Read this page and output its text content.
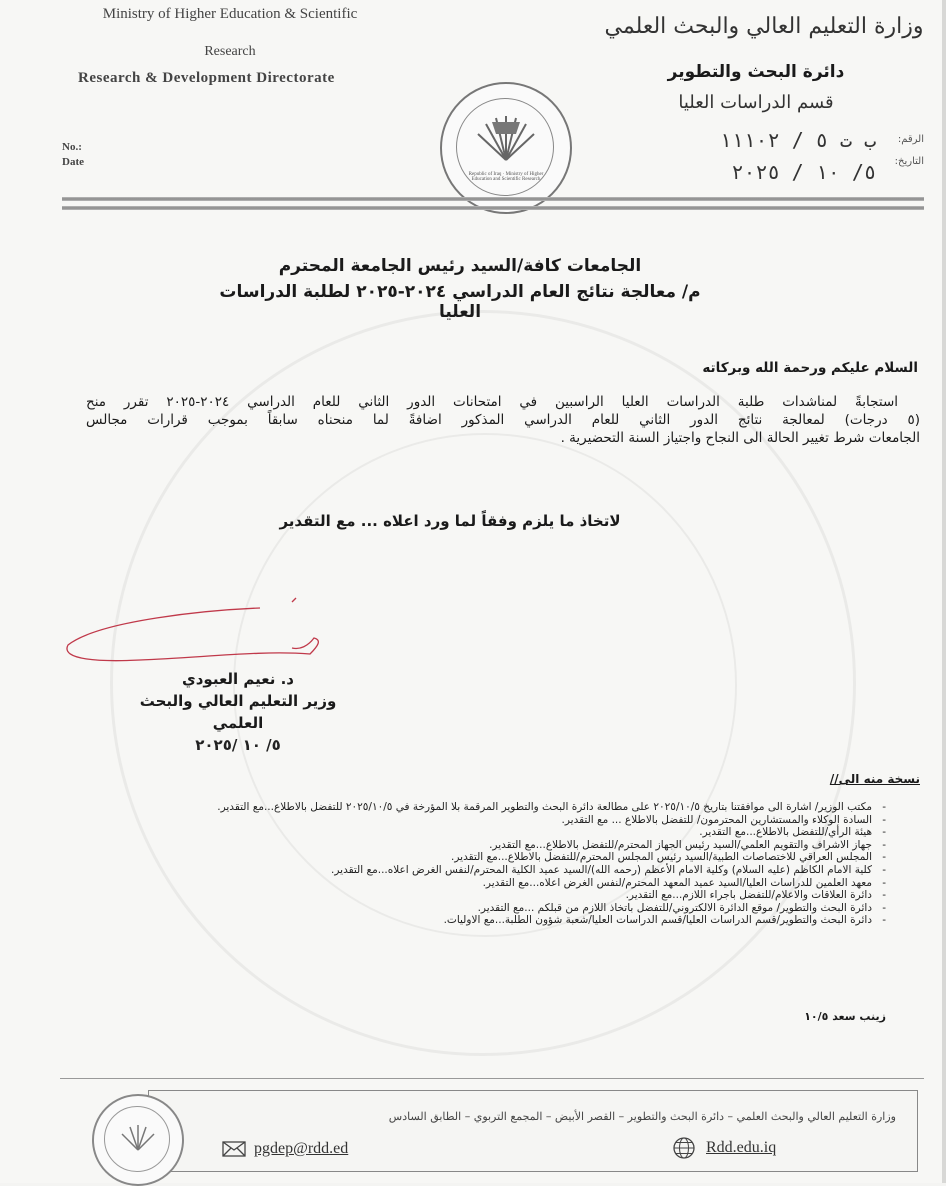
Ministry of Higher Education & Scientific
Research
Research & Development Directorate
No.:
Date
وزارة التعليم العالي والبحث العلمي
دائرة البحث والتطوير
قسم الدراسات العليا
الرقم:
ب ت ٥ / ١١١٠٢
التاريخ:
٥/ ١٠ / ٢٠٢٥
Republic of Iraq · Ministry of Higher Education and Scientific Research
الجامعات كافة/السيد رئيس الجامعة المحترم
م/ معالجة نتائج العام الدراسي ٢٠٢٤-٢٠٢٥ لطلبة الدراسات العليا
السلام عليكم ورحمة الله وبركاته
استجابةً لمناشدات طلبة الدراسات العليا الراسبين في امتحانات الدور الثاني للعام الدراسي ٢٠٢٤-٢٠٢٥ تقرر منح
(٥ درجات) لمعالجة نتائج الدور الثاني للعام الدراسي المذكور اضافةً لما منحناه سابقاً بموجب قرارات مجالس
الجامعات شرط تغيير الحالة الى النجاح واجتياز السنة التحضيرية .
لاتخاذ ما يلزم وفقاً لما ورد اعلاه ... مع التقدير
د. نعيم العبودي
وزير التعليم العالي والبحث العلمي
٥/ ١٠ /٢٠٢٥
نسخة منه الى//
- مكتب الوزير/ اشارة الى موافقتنا بتاريخ ٢٠٢٥/١٠/٥ على مطالعة دائرة البحث والتطوير المرقمة بلا المؤرخة في ٢٠٢٥/١٠/٥ للتفضل بالاطلاع...مع التقدير.
- السادة الوكلاء والمستشارين المحترمون/ للتفضل بالاطلاع ... مع التقدير.
- هيئة الرأي/للتفضل بالاطلاع...مع التقدير.
- جهاز الاشراف والتقويم العلمي/السيد رئيس الجهاز المحترم/للتفضل بالاطلاع...مع التقدير.
- المجلس العراقي للاختصاصات الطبية/السيد رئيس المجلس المحترم/للتفضل بالاطلاع...مع التقدير.
- كلية الامام الكاظم (عليه السلام) وكلية الامام الأعظم (رحمه الله)/السيد عميد الكلية المحترم/لنفس الغرض اعلاه...مع التقدير.
- معهد العلمين للدراسات العليا/السيد عميد المعهد المحترم/لنفس الغرض اعلاه...مع التقدير.
- دائرة العلاقات والاعلام/للتفضل باجراء اللازم...مع التقدير.
- دائرة البحث والتطوير/ موقع الدائرة الالكتروني/للتفضل باتخاذ اللازم من قبلكم ...مع التقدير.
- دائرة البحث والتطوير/قسم الدراسات العليا/قسم الدراسات العليا/شعبة شؤون الطلبة...مع الاوليات.
زينب سعد ١٠/٥
وزارة التعليم العالي والبحث العلمي – دائرة البحث والتطوير – القصر الأبيض – المجمع التربوي – الطابق السادس
pgdep@rdd.ed	Rdd.edu.iq
